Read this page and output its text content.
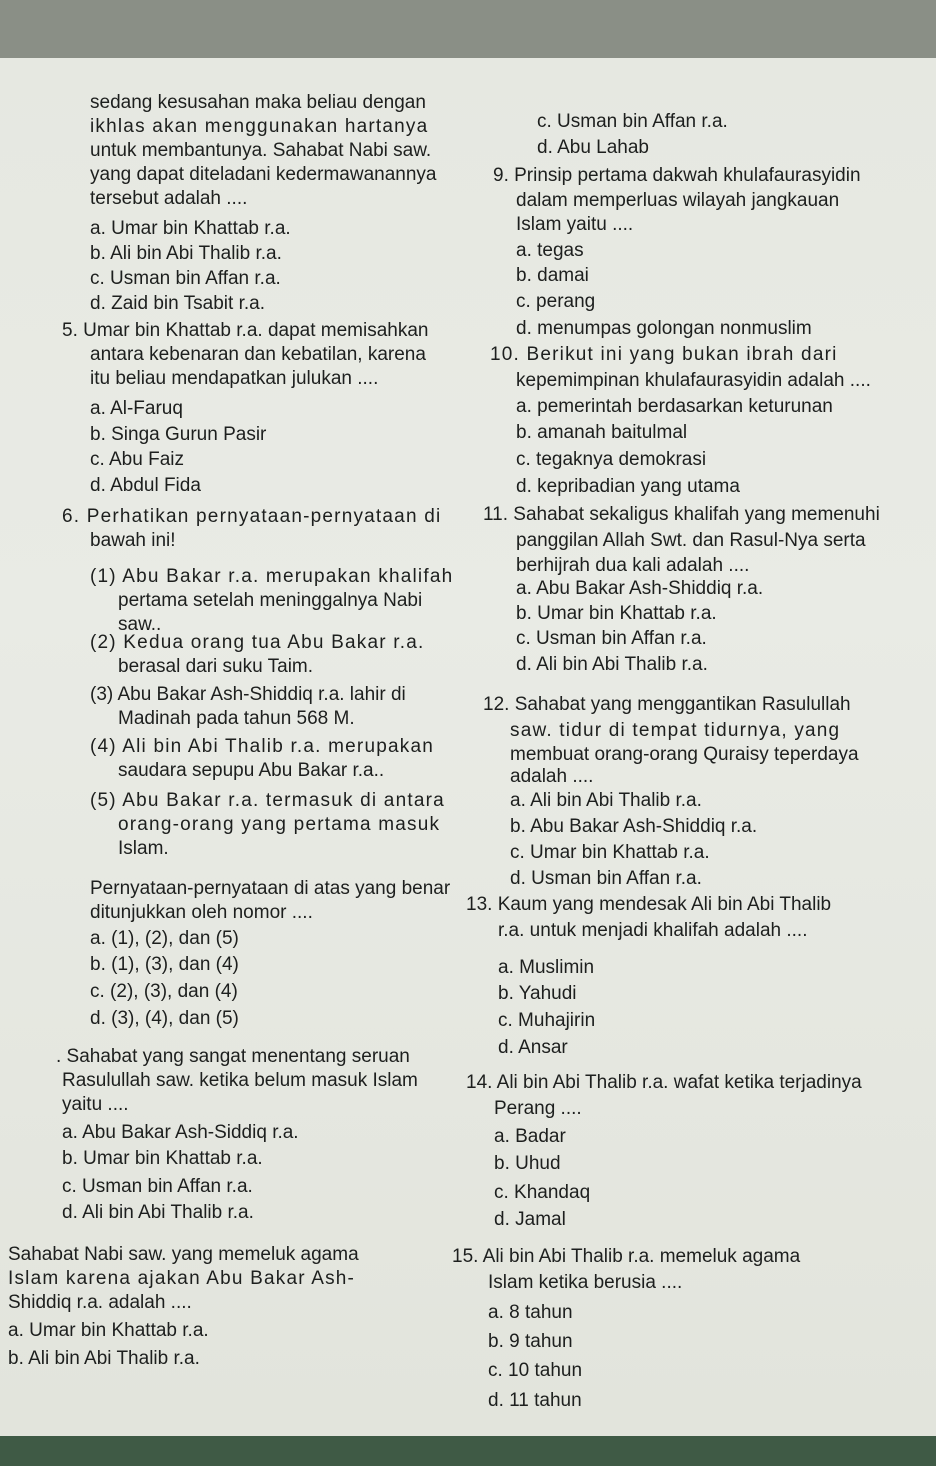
sedang kesusahan maka beliau dengan
ikhlas akan menggunakan hartanya
untuk membantunya. Sahabat Nabi saw.
yang dapat diteladani kedermawanannya
tersebut adalah ....
a. Umar bin Khattab r.a.
b. Ali bin Abi Thalib r.a.
c. Usman bin Affan r.a.
d. Zaid bin Tsabit r.a.
5. Umar bin Khattab r.a. dapat memisahkan
antara kebenaran dan kebatilan, karena
itu beliau mendapatkan julukan ....
a. Al-Faruq
b. Singa Gurun Pasir
c. Abu Faiz
d. Abdul Fida
6. Perhatikan pernyataan-pernyataan di
bawah ini!
(1) Abu Bakar r.a. merupakan khalifah
pertama setelah meninggalnya Nabi
saw..
(2) Kedua orang tua Abu Bakar r.a.
berasal dari suku Taim.
(3) Abu Bakar Ash-Shiddiq r.a. lahir di
Madinah pada tahun 568 M.
(4) Ali bin Abi Thalib r.a. merupakan
saudara sepupu Abu Bakar r.a..
(5) Abu Bakar r.a. termasuk di antara
orang-orang yang pertama masuk
Islam.
Pernyataan-pernyataan di atas yang benar
ditunjukkan oleh nomor ....
a. (1), (2), dan (5)
b. (1), (3), dan (4)
c. (2), (3), dan (4)
d. (3), (4), dan (5)
. Sahabat yang sangat menentang seruan
Rasulullah saw. ketika belum masuk Islam
yaitu ....
a. Abu Bakar Ash-Siddiq r.a.
b. Umar bin Khattab r.a.
c. Usman bin Affan r.a.
d. Ali bin Abi Thalib r.a.
Sahabat Nabi saw. yang memeluk agama
Islam karena ajakan Abu Bakar Ash-
Shiddiq r.a. adalah ....
a. Umar bin Khattab r.a.
b. Ali bin Abi Thalib r.a.
c. Usman bin Affan r.a.
d. Abu Lahab
9. Prinsip pertama dakwah khulafaurasyidin
dalam memperluas wilayah jangkauan
Islam yaitu ....
a. tegas
b. damai
c. perang
d. menumpas golongan nonmuslim
10. Berikut ini yang bukan ibrah dari
kepemimpinan khulafaurasyidin adalah ....
a. pemerintah berdasarkan keturunan
b. amanah baitulmal
c. tegaknya demokrasi
d. kepribadian yang utama
11. Sahabat sekaligus khalifah yang memenuhi
panggilan Allah Swt. dan Rasul-Nya serta
berhijrah dua kali adalah ....
a. Abu Bakar Ash-Shiddiq r.a.
b. Umar bin Khattab r.a.
c. Usman bin Affan r.a.
d. Ali bin Abi Thalib r.a.
12. Sahabat yang menggantikan Rasulullah
saw. tidur di tempat tidurnya, yang
membuat orang-orang Quraisy teperdaya
adalah ....
a. Ali bin Abi Thalib r.a.
b. Abu Bakar Ash-Shiddiq r.a.
c. Umar bin Khattab r.a.
d. Usman bin Affan r.a.
13. Kaum yang mendesak Ali bin Abi Thalib
r.a. untuk menjadi khalifah adalah ....
a. Muslimin
b. Yahudi
c. Muhajirin
d. Ansar
14. Ali bin Abi Thalib r.a. wafat ketika terjadinya
Perang ....
a. Badar
b. Uhud
c. Khandaq
d. Jamal
15. Ali bin Abi Thalib r.a. memeluk agama
Islam ketika berusia ....
a. 8 tahun
b. 9 tahun
c. 10 tahun
d. 11 tahun
